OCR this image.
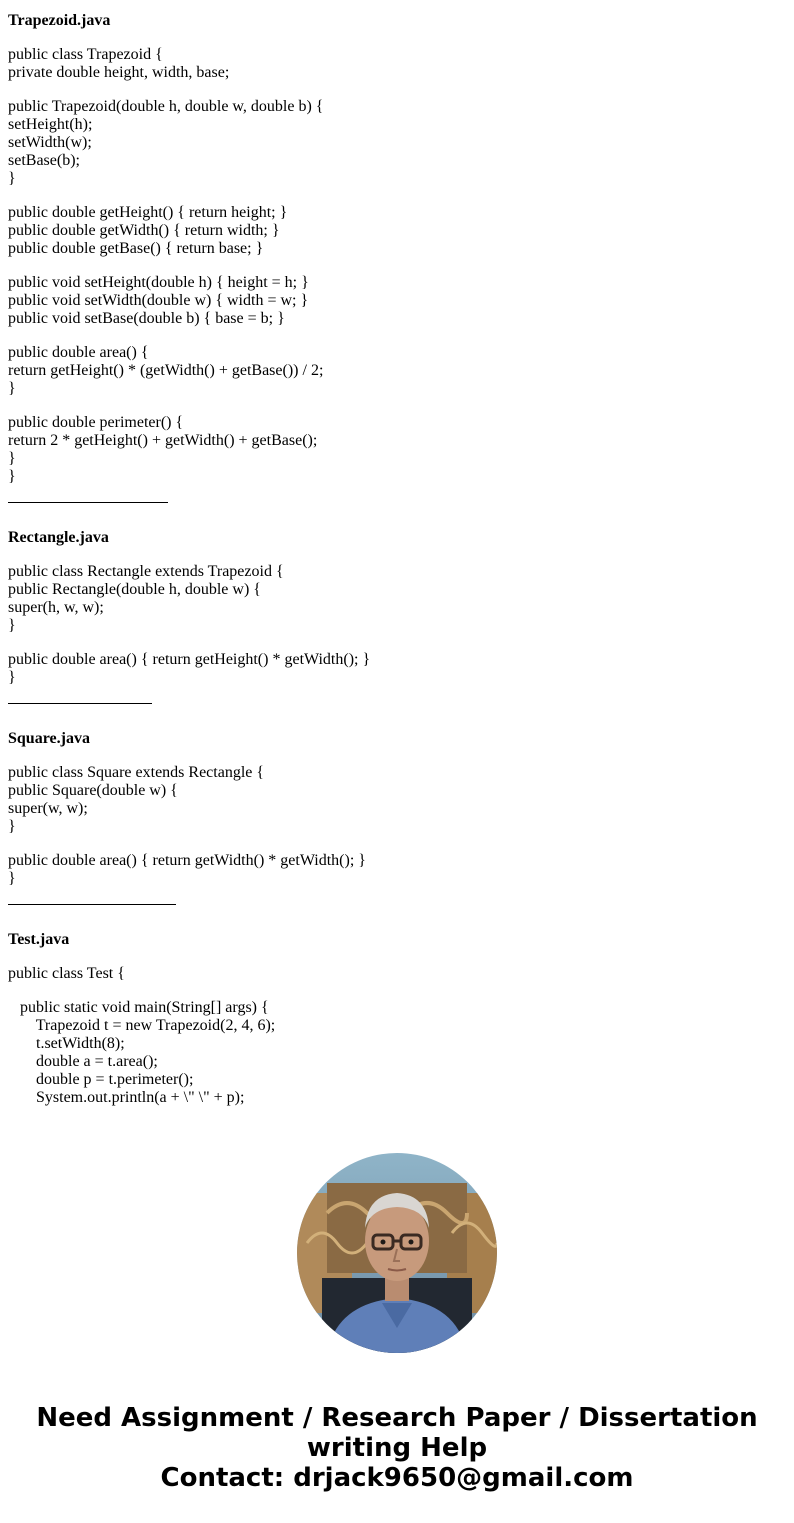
Trapezoid.java
public class Trapezoid {
private double height, width, base;
public Trapezoid(double h, double w, double b) {
setHeight(h);
setWidth(w);
setBase(b);
}
public double getHeight() { return height; }
public double getWidth() { return width; }
public double getBase() { return base; }
public void setHeight(double h) { height = h; }
public void setWidth(double w) { width = w; }
public void setBase(double b) { base = b; }
public double area() {
return getHeight() * (getWidth() + getBase()) / 2;
}
public double perimeter() {
return 2 * getHeight() + getWidth() + getBase();
}
}
Rectangle.java
public class Rectangle extends Trapezoid {
public Rectangle(double h, double w) {
super(h, w, w);
}
public double area() { return getHeight() * getWidth(); }
}
Square.java
public class Square extends Rectangle {
public Square(double w) {
super(w, w);
}
public double area() { return getWidth() * getWidth(); }
}
Test.java
public class Test {
public static void main(String[] args) {
Trapezoid t = new Trapezoid(2, 4, 6);
t.setWidth(8);
double a = t.area();
double p = t.perimeter();
System.out.println(a + \" \" + p);
Need Assignment / Research Paper / Dissertation
writing Help
Contact: drjack9650@gmail.com
